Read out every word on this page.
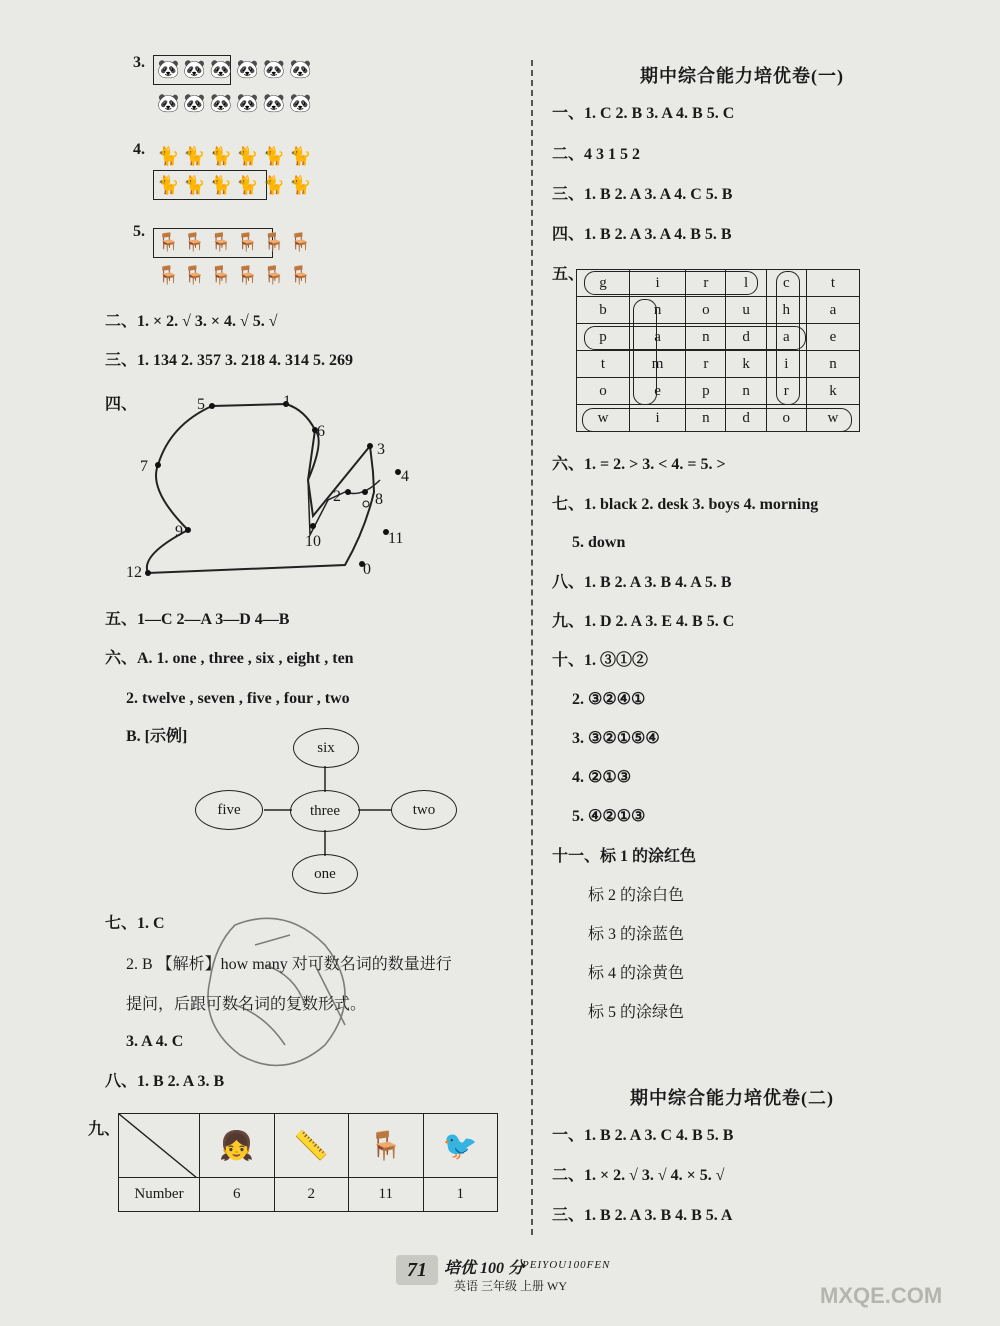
3. 🐼 🐼 🐼 🐼 🐼 🐼
🐼 🐼 🐼 🐼 🐼 🐼
4. 🐈 🐈 🐈 🐈 🐈 🐈
🐈 🐈 🐈 🐈 🐈 🐈
5.
🪑 🪑 🪑 🪑 🪑 🪑
🪑 🪑 🪑 🪑 🪑 🪑
二、1. × 2. √ 3. × 4. √ 5. √
三、1. 134 2. 357 3. 218 4. 314 5. 269
四、	5	1
6
7
3
2 8
4
9
10	11
12	0
五、1—C 2—A 3—D 4—B
六、A. 1. one , three , six , eight , ten
2. twelve , seven , five , four , two
B. [示例]
six
five	three	two
one
七、1. C
2. B 【解析】how many 对可数名词的数量进行
提问，后跟可数名词的复数形式。
3. A 4. C
八、1. B 2. A 3. B
九、
	👧	📏	🪑	🐦
Number	6	2	11	1
期中综合能力培优卷(一)
一、1. C 2. B 3. A 4. B 5. C
二、4 3 1 5 2
三、1. B 2. A 3. A 4. C 5. B
四、1. B 2. A 3. A 4. B 5. B
五、 g	i	r	l	c	t
b	n	o	u	h	a
p	a	n	d	a	e
t	m	r	k	i	n
o	e	p	n	r	k
w	i	n	d	o	w
六、1. = 2. > 3. < 4. = 5. >
七、1. black 2. desk 3. boys 4. morning
5. down
八、1. B 2. A 3. B 4. A 5. B
九、1. D 2. A 3. E 4. B 5. C
十、1. ③①②
2. ③②④①
3. ③②①⑤④
4. ②①③
5. ④②①③
十一、标 1 的涂红色
标 2 的涂白色
标 3 的涂蓝色
标 4 的涂黄色
标 5 的涂绿色
期中综合能力培优卷(二)
一、1. B 2. A 3. C 4. B 5. B
二、1. × 2. √ 3. √ 4. × 5. √
三、1. B 2. A 3. B 4. B 5. A
71 培优 100 分
PEIYOU100FEN
英语 三年级 上册 WY	MXQE.COM
